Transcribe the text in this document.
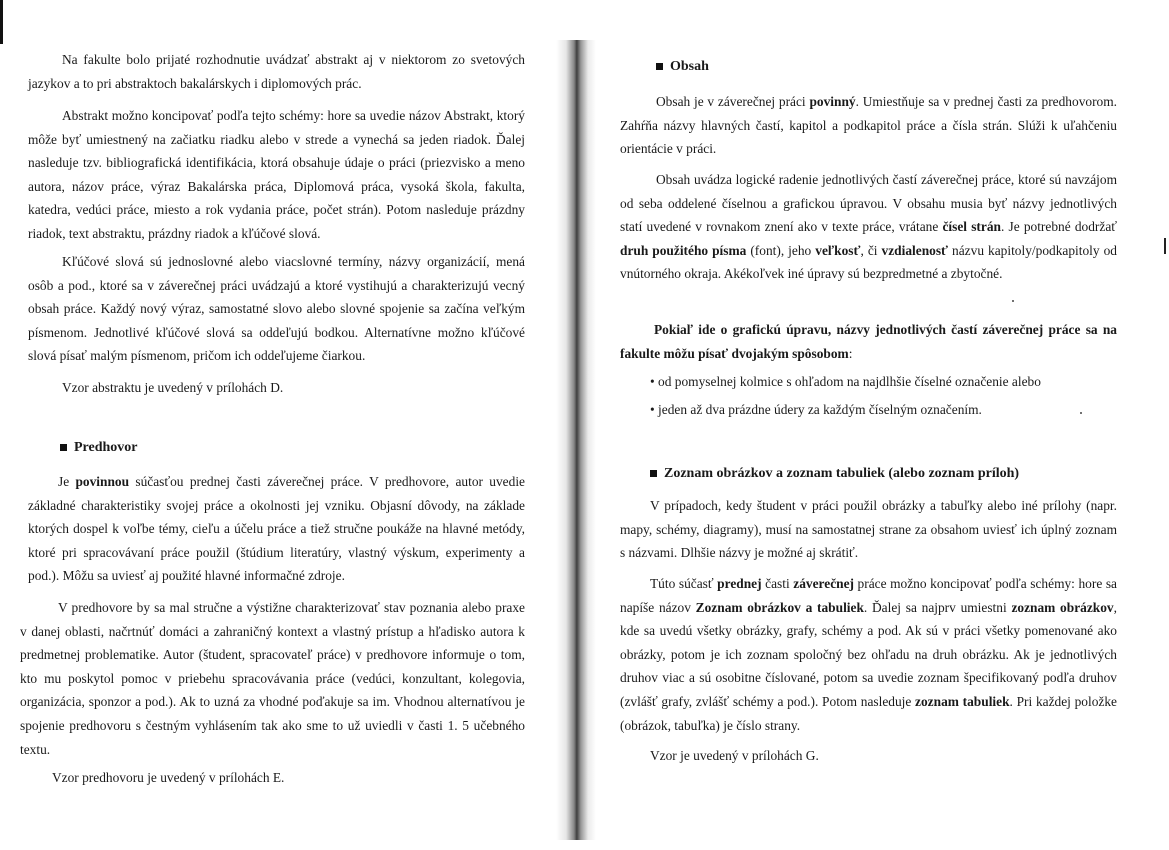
Na fakulte bolo prijaté rozhodnutie uvádzať abstrakt aj v niektorom zo svetových jazykov a to pri abstraktoch bakalárskych i diplomových prác.

Abstrakt možno koncipovať podľa tejto schémy: hore sa uvedie názov Abstrakt, ktorý môže byť umiestnený na začiatku riadku alebo v strede a vynechá sa jeden riadok. Ďalej nasleduje tzv. bibliografická identifikácia, ktorá obsahuje údaje o práci (priezvisko a meno autora, názov práce, výraz Bakalárska práca, Diplomová práca, vysoká škola, fakulta, katedra, vedúci práce, miesto a rok vydania práce, počet strán). Potom nasleduje prázdny riadok, text abstraktu, prázdny riadok a kľúčové slová.

Kľúčové slová sú jednoslovné alebo viacslovné termíny, názvy organizácií, mená osôb a pod., ktoré sa v záverečnej práci uvádzajú a ktoré vystihujú a charakterizujú vecný obsah práce. Každý nový výraz, samostatné slovo alebo slovné spojenie sa začína veľkým písmenom. Jednotlivé kľúčové slová sa oddeľujú bodkou. Alternatívne možno kľúčové slová písať malým písmenom, pričom ich oddeľujeme čiarkou.

Vzor abstraktu je uvedený v prílohách D.

Predhovor

Je povinnou súčasťou prednej časti záverečnej práce. V predhovore, autor uvedie základné charakteristiky svojej práce a okolnosti jej vzniku. Objasní dôvody, na základe ktorých dospel k voľbe témy, cieľu a účelu práce a tiež stručne poukáže na hlavné metódy, ktoré pri spracovávaní práce použil (štúdium literatúry, vlastný výskum, experimenty a pod.). Môžu sa uviesť aj použité hlavné informačné zdroje.

V predhovore by sa mal stručne a výstižne charakterizovať stav poznania alebo praxe v danej oblasti, načrtnúť domáci a zahraničný kontext a vlastný prístup a hľadisko autora k predmetnej problematike. Autor (študent, spracovateľ práce) v predhovore informuje o tom, kto mu poskytol pomoc v priebehu spracovávania práce (vedúci, konzultant, kolegovia, organizácia, sponzor a pod.). Ak to uzná za vhodné poďakuje sa im. Vhodnou alternatívou je spojenie predhovoru s čestným vyhlásením tak ako sme to už uviedli v časti 1. 5 učebného textu.

Vzor predhovoru je uvedený v prílohách E.

Obsah

Obsah je v záverečnej práci povinný. Umiestňuje sa v prednej časti za predhovorom. Zahŕňa názvy hlavných častí, kapitol a podkapitol práce a čísla strán. Slúži k uľahčeniu orientácie v práci.

Obsah uvádza logické radenie jednotlivých častí záverečnej práce, ktoré sú navzájom od seba oddelené číselnou a grafickou úpravou. V obsahu musia byť názvy jednotlivých statí uvedené v rovnakom znení ako v texte práce, vrátane čísel strán. Je potrebné dodržať druh použitého písma (font), jeho veľkosť, či vzdialenosť názvu kapitoly/podkapitoly od vnútorného okraja. Akékoľvek iné úpravy sú bezpredmetné a zbytočné.

Pokiaľ ide o grafickú úpravu, názvy jednotlivých častí záverečnej práce sa na fakulte môžu písať dvojakým spôsobom:

• od pomyselnej kolmice s ohľadom na najdlhšie číselné označenie alebo
• jeden až dva prázdne údery za každým číselným označením.

Zoznam obrázkov a zoznam tabuliek (alebo zoznam príloh)

V prípadoch, kedy študent v práci použil obrázky a tabuľky alebo iné prílohy (napr. mapy, schémy, diagramy), musí na samostatnej strane za obsahom uviesť ich úplný zoznam s názvami. Dlhšie názvy je možné aj skrátiť.

Túto súčasť prednej časti záverečnej práce možno koncipovať podľa schémy: hore sa napíše názov Zoznam obrázkov a tabuliek. Ďalej sa najprv umiestni zoznam obrázkov, kde sa uvedú všetky obrázky, grafy, schémy a pod. Ak sú v práci všetky pomenované ako obrázky, potom je ich zoznam spoločný bez ohľadu na druh obrázku. Ak je jednotlivých druhov viac a sú osobitne číslované, potom sa uvedie zoznam špecifikovaný podľa druhov (zvlášť grafy, zvlášť schémy a pod.). Potom nasleduje zoznam tabuliek. Pri každej položke (obrázok, tabuľka) je číslo strany.

Vzor je uvedený v prílohách G.
